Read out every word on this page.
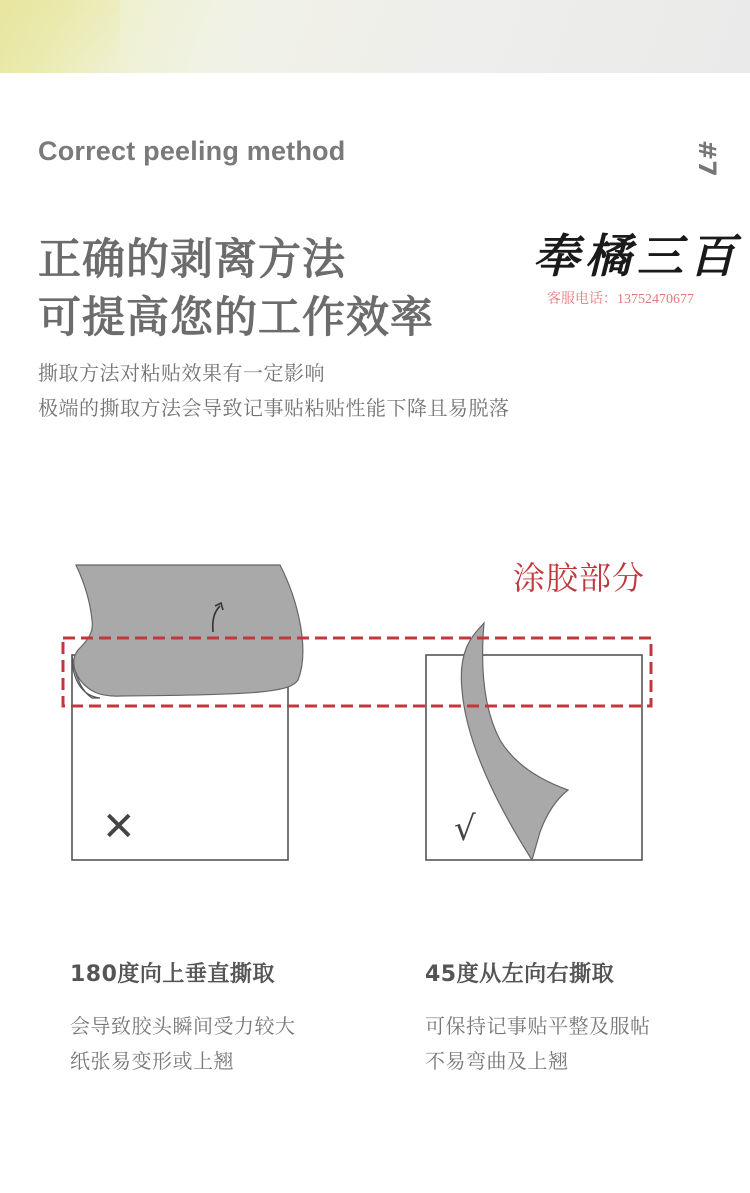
Correct peeling method	#7
正确的剥离方法
可提高您的工作效率
撕取方法对粘贴效果有一定影响
极端的撕取方法会导致记事贴粘贴性能下降且易脱落
奉橘三百
客服电话：13752470677
涂胶部分
✕	√
180度向上垂直撕取
会导致胶头瞬间受力较大
纸张易变形或上翘
45度从左向右撕取
可保持记事贴平整及服帖
不易弯曲及上翘
